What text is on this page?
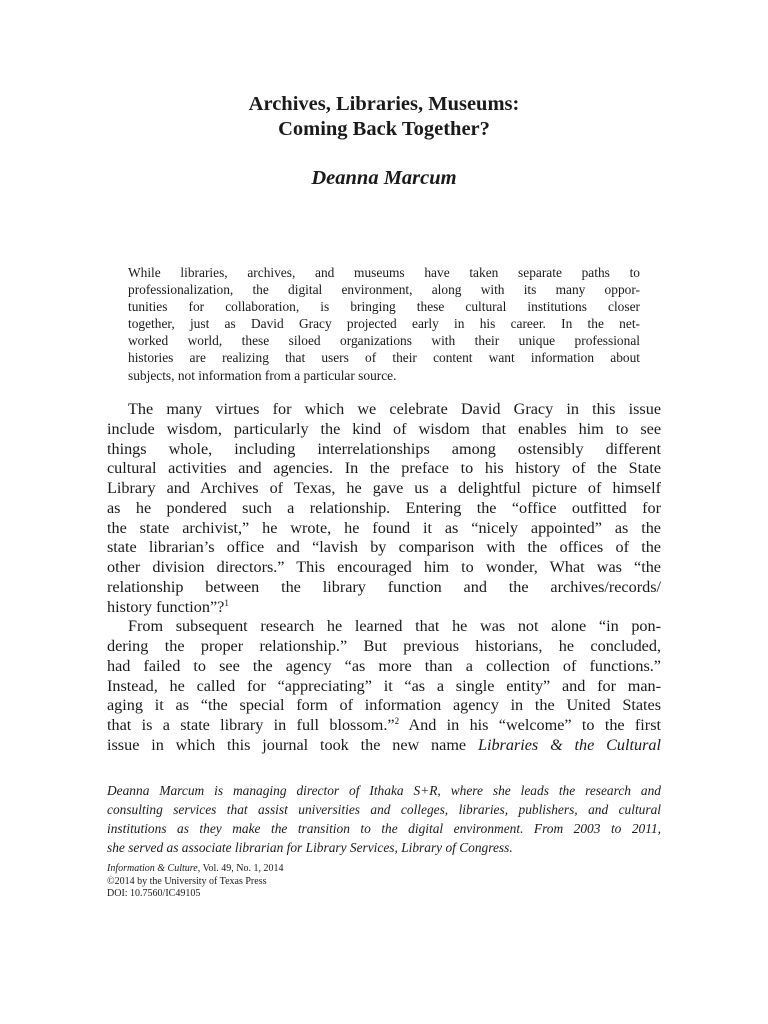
Archives, Libraries, Museums:
Coming Back Together?
Deanna Marcum
While libraries, archives, and museums have taken separate paths to
professionalization, the digital environment, along with its many oppor-
tunities for collaboration, is bringing these cultural institutions closer
together, just as David Gracy projected early in his career. In the net-
worked world, these siloed organizations with their unique professional
histories are realizing that users of their content want information about
subjects, not information from a particular source.
The many virtues for which we celebrate David Gracy in this issue
include wisdom, particularly the kind of wisdom that enables him to see
things whole, including interrelationships among ostensibly different
cultural activities and agencies. In the preface to his history of the State
Library and Archives of Texas, he gave us a delightful picture of himself
as he pondered such a relationship. Entering the “office outfitted for
the state archivist,” he wrote, he found it as “nicely appointed” as the
state librarian’s office and “lavish by comparison with the offices of the
other division directors.” This encouraged him to wonder, What was “the
relationship between the library function and the archives/records/
history function”?$^1$
From subsequent research he learned that he was not alone “in pon-
dering the proper relationship.” But previous historians, he concluded,
had failed to see the agency “as more than a collection of functions.”
Instead, he called for “appreciating” it “as a single entity” and for man-
aging it as “the special form of information agency in the United States
that is a state library in full blossom.”$^2$ And in his “welcome” to the first
issue in which this journal took the new name Libraries & the Cultural
Deanna Marcum is managing director of Ithaka S+R, where she leads the research and
consulting services that assist universities and colleges, libraries, publishers, and cultural
institutions as they make the transition to the digital environment. From 2003 to 2011,
she served as associate librarian for Library Services, Library of Congress.
Information & Culture, Vol. 49, No. 1, 2014
©2014 by the University of Texas Press
DOI: 10.7560/IC49105
